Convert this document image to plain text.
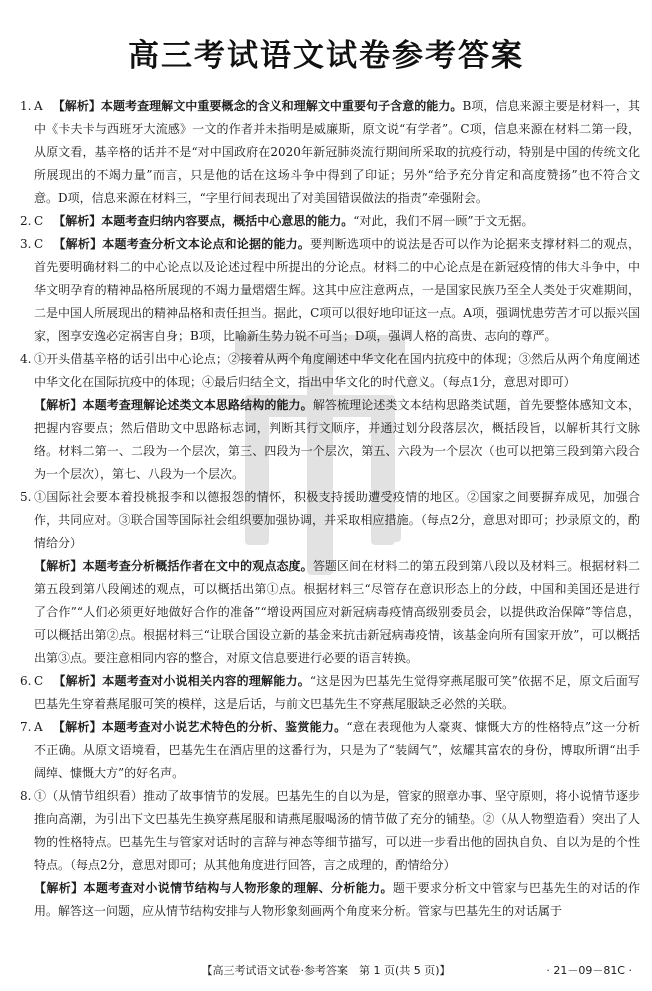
高三考试语文试卷参考答案
1. A 【解析】本题考查理解文中重要概念的含义和理解文中重要句子含意的能力。B项，信息来源主要是材料一，其中《卡夫卡与西班牙大流感》一文的作者并未指明是威廉斯，原文说“有学者”。C项，信息来源在材料二第一段，从原文看，基辛格的话并不是“对中国政府在2020年新冠肺炎流行期间所采取的抗疫行动，特别是中国的传统文化所展现出的不竭力量”而言，只是他的话在这场斗争中得到了印证；另外“给予充分肯定和高度赞扬”也不符合文意。D项，信息来源在材料三，“字里行间表现出了对美国错误做法的指责”牵强附会。
2. C 【解析】本题考查归纳内容要点，概括中心意思的能力。“对此，我们不屑一顾”于文无据。
3. C 【解析】本题考查分析文本论点和论据的能力。要判断选项中的说法是否可以作为论据来支撑材料二的观点，首先要明确材料二的中心论点以及论述过程中所提出的分论点。材料二的中心论点是在新冠疫情的伟大斗争中，中华文明孕育的精神品格所展现的不竭力量熠熠生辉。这其中应注意两点，一是国家民族乃至全人类处于灾难期间，二是中国人所展现出的精神品格和责任担当。据此，C项可以很好地印证这一点。A项，强调忧患劳苦才可以振兴国家，图享安逸必定祸害自身；B项，比喻新生势力锐不可当；D项，强调人格的高贵、志向的尊严。
4. ①开头借基辛格的话引出中心论点；②接着从两个角度阐述中华文化在国内抗疫中的体现；③然后从两个角度阐述中华文化在国际抗疫中的体现；④最后归结全文，指出中华文化的时代意义。（每点1分，意思对即可）

【解析】本题考查理解论述类文本思路结构的能力。解答梳理论述类文本结构思路类试题，首先要整体感知文本，把握内容要点；然后借助文中思路标志词，判断其行文顺序，并通过划分段落层次，概括段旨，以解析其行文脉络。材料二第一、二段为一个层次，第三、四段为一个层次，第五、六段为一个层次（也可以把第三段到第六段合为一个层次），第七、八段为一个层次。

5. ①国际社会要本着投桃报李和以德报怨的情怀，积极支持援助遭受疫情的地区。②国家之间要摒弃成见，加强合作，共同应对。③联合国等国际社会组织要加强协调，并采取相应措施。（每点2分，意思对即可；抄录原文的，酌情给分）

【解析】本题考查分析概括作者在文中的观点态度。答题区间在材料二的第五段到第八段以及材料三。根据材料二第五段到第八段阐述的观点，可以概括出第①点。根据材料三“尽管存在意识形态上的分歧，中国和美国还是进行了合作”“人们必须更好地做好合作的准备”“增设两国应对新冠病毒疫情高级别委员会，以提供政治保障”等信息，可以概括出第②点。根据材料三“让联合国设立新的基金来抗击新冠病毒疫情，该基金向所有国家开放”，可以概括出第③点。要注意相同内容的整合，对原文信息要进行必要的语言转换。

6. C 【解析】本题考查对小说相关内容的理解能力。“这是因为巴基先生觉得穿燕尾服可笑”依据不足，原文后面写巴基先生穿着燕尾服可笑的模样，这是后话，与前文巴基先生不穿燕尾服缺乏必然的关联。
7. A 【解析】本题考查对小说艺术特色的分析、鉴赏能力。“意在表现他为人豪爽、慷慨大方的性格特点”这一分析不正确。从原文语境看，巴基先生在酒店里的这番行为，只是为了“装阔气”，炫耀其富农的身份，博取所谓“出手阔绰、慷慨大方”的好名声。
8. ①（从情节组织看）推动了故事情节的发展。巴基先生的自以为是，管家的照章办事、坚守原则，将小说情节逐步推向高潮，为引出下文巴基先生换穿燕尾服和请燕尾服喝汤的情节做了充分的铺垫。②（从人物塑造看）突出了人物的性格特点。巴基先生与管家对话时的言辞与神态等细节描写，可以进一步看出他的固执自负、自以为是的个性特点。（每点2分，意思对即可；从其他角度进行回答，言之成理的，酌情给分）

【解析】本题考查对小说情节结构与人物形象的理解、分析能力。题干要求分析文中管家与巴基先生的对话的作用。解答这一问题，应从情节结构安排与人物形象刻画两个角度来分析。管家与巴基先生的对话属于

【高三考试语文试卷·参考答案　第 1 页(共 5 页)】	· 21－09－81C ·
